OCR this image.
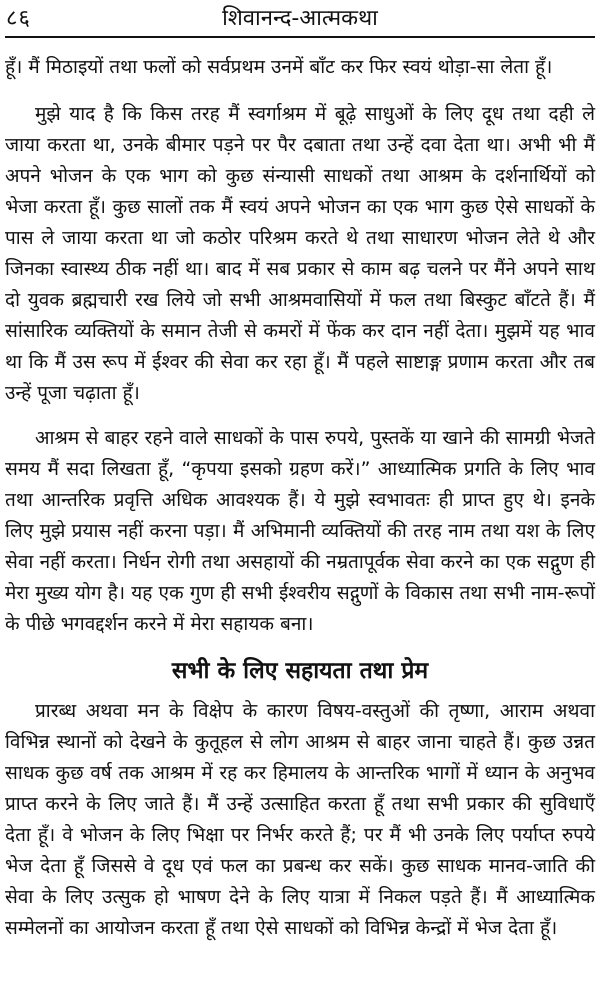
८६	शिवानन्द-आत्मकथा

हूँ। मैं मिठाइयों तथा फलों को सर्वप्रथम उनमें बाँट कर फिर स्वयं थोड़ा-सा लेता हूँ।

मुझे याद है कि किस तरह मैं स्वर्गाश्रम में बूढ़े साधुओं के लिए दूध तथा दही ले जाया करता था, उनके बीमार पड़ने पर पैर दबाता तथा उन्हें दवा देता था। अभी भी मैं अपने भोजन के एक भाग को कुछ संन्यासी साधकों तथा आश्रम के दर्शनार्थियों को भेजा करता हूँ। कुछ सालों तक मैं स्वयं अपने भोजन का एक भाग कुछ ऐसे साधकों के पास ले जाया करता था जो कठोर परिश्रम करते थे तथा साधारण भोजन लेते थे और जिनका स्वास्थ्य ठीक नहीं था। बाद में सब प्रकार से काम बढ़ चलने पर मैंने अपने साथ दो युवक ब्रह्मचारी रख लिये जो सभी आश्रमवासियों में फल तथा बिस्कुट बाँटते हैं। मैं सांसारिक व्यक्तियों के समान तेजी से कमरों में फेंक कर दान नहीं देता। मुझमें यह भाव था कि मैं उस रूप में ईश्वर की सेवा कर रहा हूँ। मैं पहले साष्टाङ्ग प्रणाम करता और तब उन्हें पूजा चढ़ाता हूँ।

आश्रम से बाहर रहने वाले साधकों के पास रुपये, पुस्तकें या खाने की सामग्री भेजते समय मैं सदा लिखता हूँ, “कृपया इसको ग्रहण करें।” आध्यात्मिक प्रगति के लिए भाव तथा आन्तरिक प्रवृत्ति अधिक आवश्यक हैं। ये मुझे स्वभावतः ही प्राप्त हुए थे। इनके लिए मुझे प्रयास नहीं करना पड़ा। मैं अभिमानी व्यक्तियों की तरह नाम तथा यश के लिए सेवा नहीं करता। निर्धन रोगी तथा असहायों की नम्रतापूर्वक सेवा करने का एक सद्गुण ही मेरा मुख्य योग है। यह एक गुण ही सभी ईश्वरीय सद्गुणों के विकास तथा सभी नाम-रूपों के पीछे भगवद्दर्शन करने में मेरा सहायक बना।

सभी के लिए सहायता तथा प्रेम

प्रारब्ध अथवा मन के विक्षेप के कारण विषय-वस्तुओं की तृष्णा, आराम अथवा विभिन्न स्थानों को देखने के कुतूहल से लोग आश्रम से बाहर जाना चाहते हैं। कुछ उन्नत साधक कुछ वर्ष तक आश्रम में रह कर हिमालय के आन्तरिक भागों में ध्यान के अनुभव प्राप्त करने के लिए जाते हैं। मैं उन्हें उत्साहित करता हूँ तथा सभी प्रकार की सुविधाएँ देता हूँ। वे भोजन के लिए भिक्षा पर निर्भर करते हैं; पर मैं भी उनके लिए पर्याप्त रुपये भेज देता हूँ जिससे वे दूध एवं फल का प्रबन्ध कर सकें। कुछ साधक मानव-जाति की सेवा के लिए उत्सुक हो भाषण देने के लिए यात्रा में निकल पड़ते हैं। मैं आध्यात्मिक सम्मेलनों का आयोजन करता हूँ तथा ऐसे साधकों को विभिन्न केन्द्रों में भेज देता हूँ।
